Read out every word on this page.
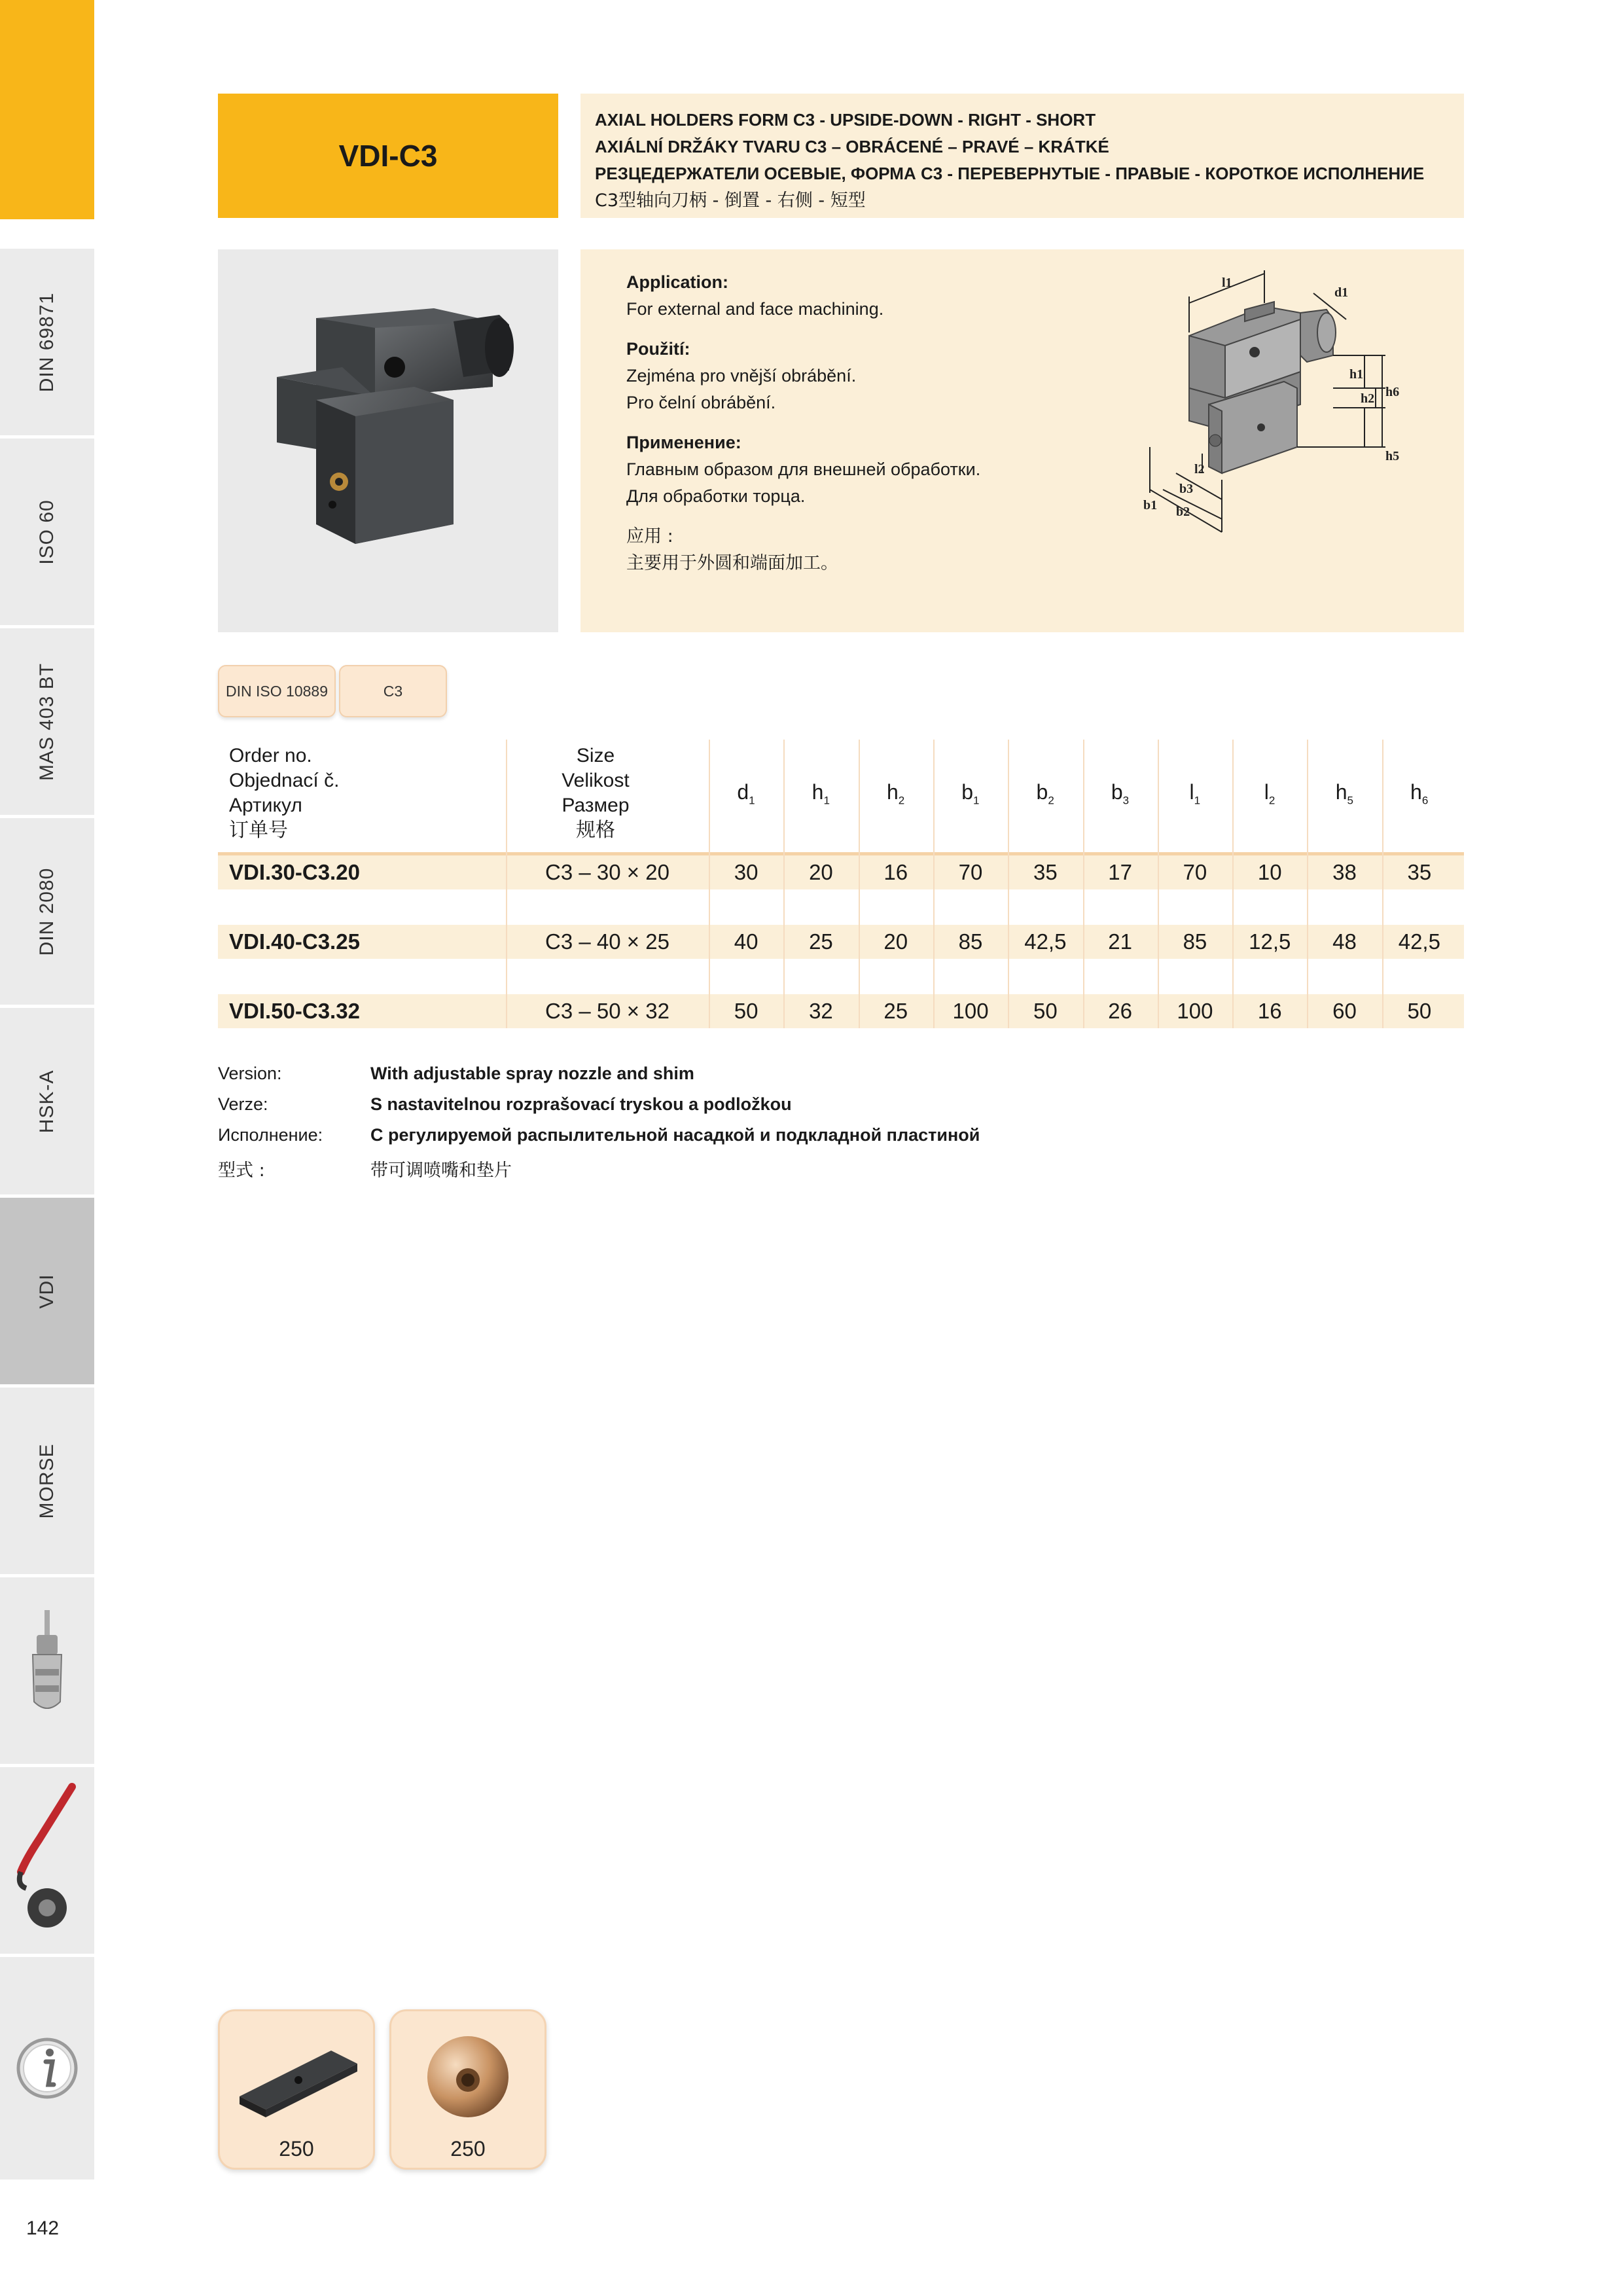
DIN 69871
ISO 60
MAS 403 BT
DIN 2080
HSK-A
VDI
MORSE
142
VDI-C3
AXIAL HOLDERS FORM C3 - UPSIDE-DOWN - RIGHT - SHORT
AXIÁLNÍ DRŽÁKY TVARU C3 – OBRÁCENÉ – PRAVÉ – KRÁTKÉ
РЕЗЦЕДЕРЖАТЕЛИ ОСЕВЫЕ, ФОРМА C3 - ПЕРЕВЕРНУТЫЕ - ПРАВЫЕ - КОРОТКОЕ ИСПОЛНЕНИЕ
C3型轴向刀柄 - 倒置 - 右侧 - 短型
Application:
For external and face machining.
Použití:
Zejména pro vnější obrábění.
Pro čelní obrábění.
Применение:
Главным образом для внешней обработки.
Для обработки торца.
应用 :
主要用于外圆和端面加工。
l1
d1
h1
h2 h6
h5
l2
b3
b1 b2
DIN ISO 10889	C3
Order no.
Objednací č.
Артикул
订单号
Size
Velikost
Размер
规格
$d_1$	$h_1$	$h_2$	$b_1$	$b_2$	$b_3$	$l_1$	$l_2$	$h_5$	$h_6$
VDI.30-C3.20	C3 – 30 × 20	30	20	16	70	35	17	70	10	38	35
VDI.40-C3.25	C3 – 40 × 25	40	25	20	85	42,5	21	85	12,5	48	42,5
VDI.50-C3.32	C3 – 50 × 32	50	32	25	100	50	26	100	16	60	50
Version:	With adjustable spray nozzle and shim
Verze:	S nastavitelnou rozprašovací tryskou a podložkou
Исполнение:	С регулируемой распылительной насадкой и подкладной пластиной
型式 :	带可调喷嘴和垫片
250	250
